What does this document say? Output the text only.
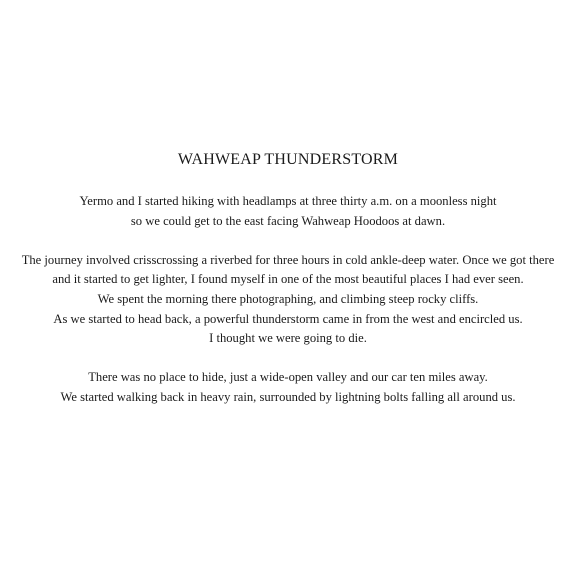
WAHWEAP THUNDERSTORM

Yermo and I started hiking with headlamps at three thirty a.m. on a moonless night
so we could get to the east facing Wahweap Hoodoos at dawn.

The journey involved crisscrossing a riverbed for three hours in cold ankle-deep water. Once we got there
and it started to get lighter, I found myself in one of the most beautiful places I had ever seen.
We spent the morning there photographing, and climbing steep rocky cliffs.
As we started to head back, a powerful thunderstorm came in from the west and encircled us.
I thought we were going to die.

There was no place to hide, just a wide-open valley and our car ten miles away.
We started walking back in heavy rain, surrounded by lightning bolts falling all around us.
